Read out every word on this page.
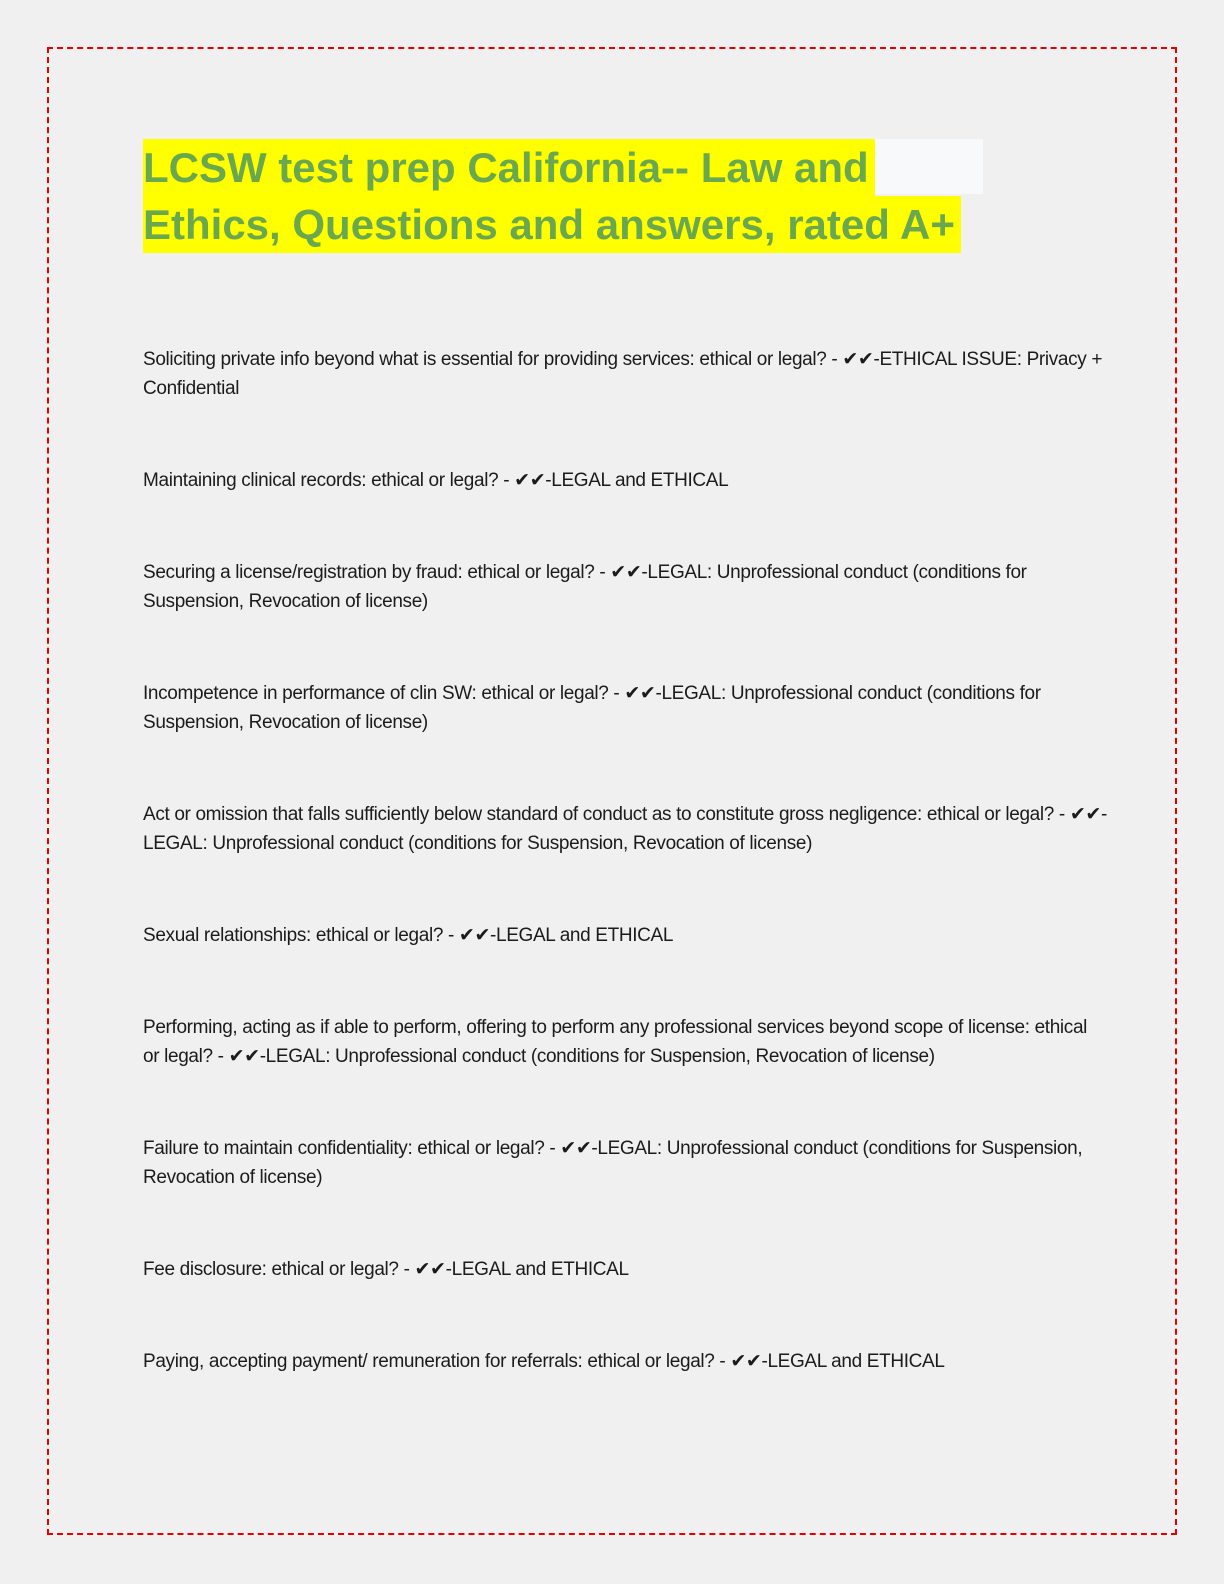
LCSW test prep California-- Law and
Ethics, Questions and answers, rated A+

Soliciting private info beyond what is essential for providing services: ethical or legal? - ✔✔-ETHICAL ISSUE: Privacy + Confidential

Maintaining clinical records: ethical or legal? - ✔✔-LEGAL and ETHICAL

Securing a license/registration by fraud: ethical or legal? - ✔✔-LEGAL: Unprofessional conduct (conditions for Suspension, Revocation of license)

Incompetence in performance of clin SW: ethical or legal? - ✔✔-LEGAL: Unprofessional conduct (conditions for Suspension, Revocation of license)

Act or omission that falls sufficiently below standard of conduct as to constitute gross negligence: ethical or legal? - ✔✔-LEGAL: Unprofessional conduct (conditions for Suspension, Revocation of license)

Sexual relationships: ethical or legal? - ✔✔-LEGAL and ETHICAL

Performing, acting as if able to perform, offering to perform any professional services beyond scope of license: ethical or legal? - ✔✔-LEGAL: Unprofessional conduct (conditions for Suspension, Revocation of license)

Failure to maintain confidentiality: ethical or legal? - ✔✔-LEGAL: Unprofessional conduct (conditions for Suspension, Revocation of license)

Fee disclosure: ethical or legal? - ✔✔-LEGAL and ETHICAL

Paying, accepting payment/ remuneration for referrals: ethical or legal? - ✔✔-LEGAL and ETHICAL
